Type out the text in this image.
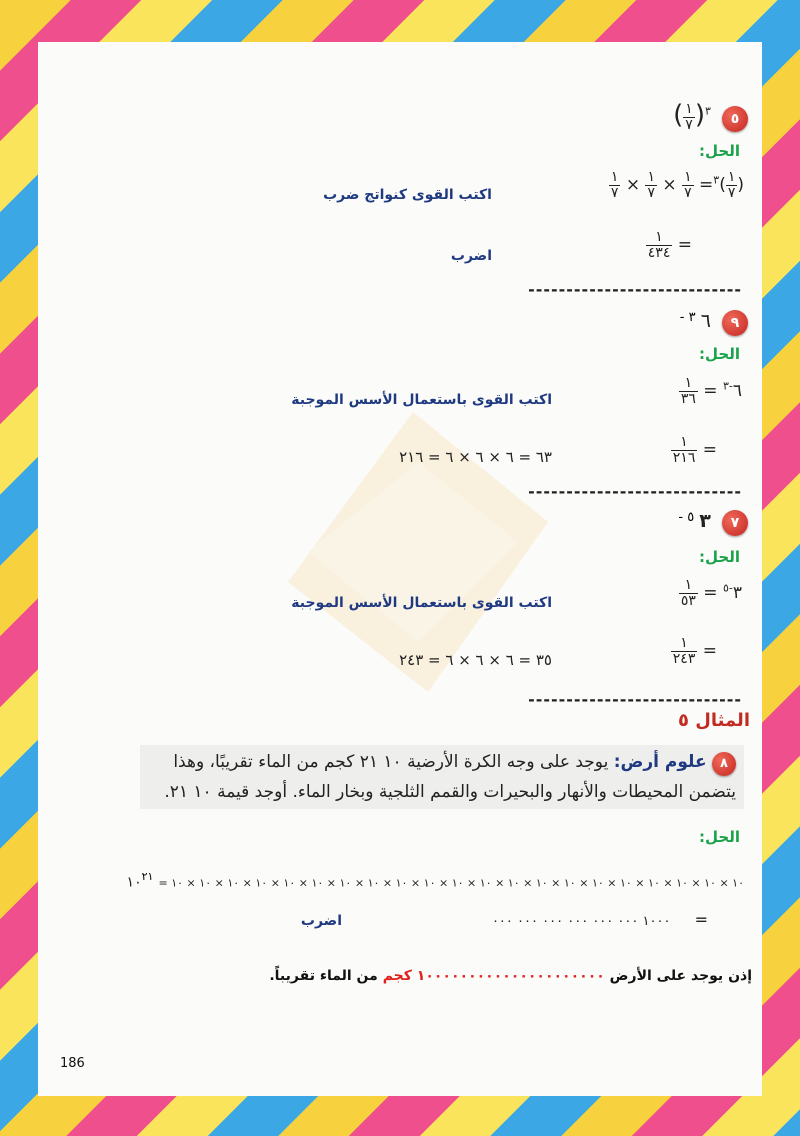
٥ ( $\frac{١}{٧} )^٣$
الحل:
$\frac{١}{٧} \times \frac{١}{٧} \times \frac{١}{٧} =^٣( \frac{١}{٧}$ )
اكتب القوى كنواتج ضرب
$\frac{١}{٤٣٤}$ =
اضرب
----------------------------
٩ ٦ $^{٣ -}$
الحل:
$\frac{١}{٣٦}$ = $٦^{-٣}$
اكتب القوى باستعمال الأسس الموجبة
$\frac{١}{٢١٦}$ =
٦٣ = ٦ × ٦ × ٦ = ٢١٦
----------------------------
٧ ٣ $^{٥ -}$
الحل:
$\frac{١}{٥٣}$ = $٣^{-٥}$
اكتب القوى باستعمال الأسس الموجبة
$\frac{١}{٢٤٣}$ =
٣٥ = ٦ × ٦ × ٦ = ٢٤٣
----------------------------
المثال ٥
٨ علوم أرض: يوجد على وجه الكرة الأرضية ١٠ ٢١ كجم من الماء تقريبًا، وهذا
يتضمن المحيطات والأنهار والبحيرات والقمم الثلجية وبخار الماء. أوجد قيمة ١٠ ٢١.
الحل:
١٠ × ١٠ × ١٠ × ١٠ × ١٠ × ١٠ × ١٠ × ١٠ × ١٠ × ١٠ × ١٠ × ١٠ × ١٠ × ١٠ × ١٠ × ١٠ × ١٠ × ١٠ × ١٠ × ١٠ × ١٠ = $١٠^{٢١}$
١٠٠٠ ٠٠٠ ٠٠٠ ٠٠٠ ٠٠٠ ٠٠٠ ٠٠٠ =
اضرب
إذن يوجد على الأرض ١٠٠٠٠٠٠٠٠٠٠٠٠٠٠٠٠٠٠٠٠٠ كجم من الماء تقريباً.
186
